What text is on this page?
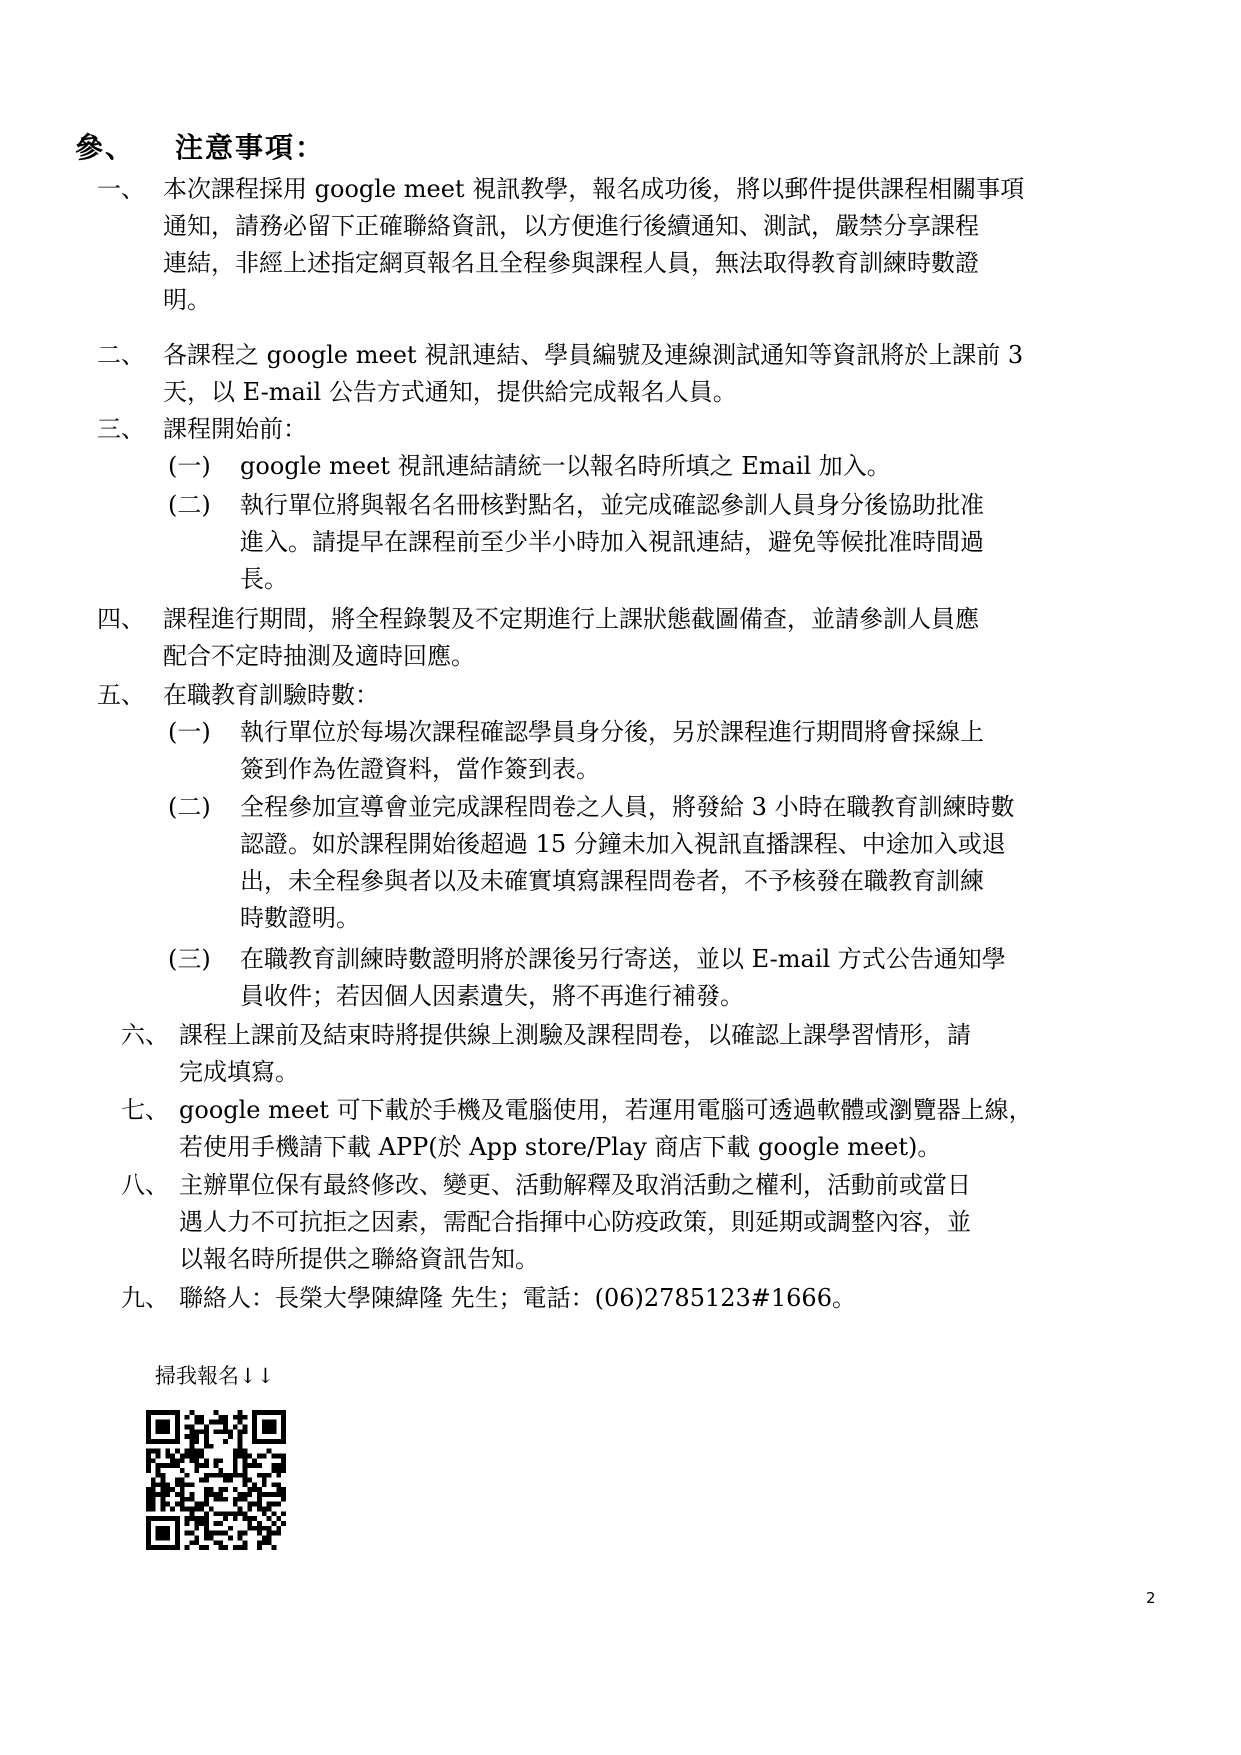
參、 注意事項：
一、 本次課程採用 google meet 視訊教學，報名成功後，將以郵件提供課程相關事項
通知，請務必留下正確聯絡資訊，以方便進行後續通知、測試，嚴禁分享課程
連結，非經上述指定網頁報名且全程參與課程人員，無法取得教育訓練時數證
明。
二、 各課程之 google meet 視訊連結、學員編號及連線測試通知等資訊將於上課前 3
天，以 E-mail 公告方式通知，提供給完成報名人員。
三、 課程開始前：
(一) google meet 視訊連結請統一以報名時所填之 Email 加入。
(二) 執行單位將與報名名冊核對點名，並完成確認參訓人員身分後協助批准
進入。請提早在課程前至少半小時加入視訊連結，避免等候批准時間過
長。
四、 課程進行期間，將全程錄製及不定期進行上課狀態截圖備查，並請參訓人員應
配合不定時抽測及適時回應。
五、 在職教育訓驗時數：
(一) 執行單位於每場次課程確認學員身分後，另於課程進行期間將會採線上
簽到作為佐證資料，當作簽到表。
(二) 全程參加宣導會並完成課程問卷之人員，將發給 3 小時在職教育訓練時數
認證。如於課程開始後超過 15 分鐘未加入視訊直播課程、中途加入或退
出，未全程參與者以及未確實填寫課程問卷者，不予核發在職教育訓練
時數證明。
(三) 在職教育訓練時數證明將於課後另行寄送，並以 E-mail 方式公告通知學
員收件；若因個人因素遺失，將不再進行補發。
六、 課程上課前及結束時將提供線上測驗及課程問卷，以確認上課學習情形，請
完成填寫。
七、 google meet 可下載於手機及電腦使用，若運用電腦可透過軟體或瀏覽器上線，
若使用手機請下載 APP(於 App store/Play 商店下載 google meet)。
八、 主辦單位保有最終修改、變更、活動解釋及取消活動之權利，活動前或當日
遇人力不可抗拒之因素，需配合指揮中心防疫政策，則延期或調整內容，並
以報名時所提供之聯絡資訊告知。
九、 聯絡人：長榮大學陳緯隆 先生；電話：(06)2785123#1666。
掃我報名↓↓
2
